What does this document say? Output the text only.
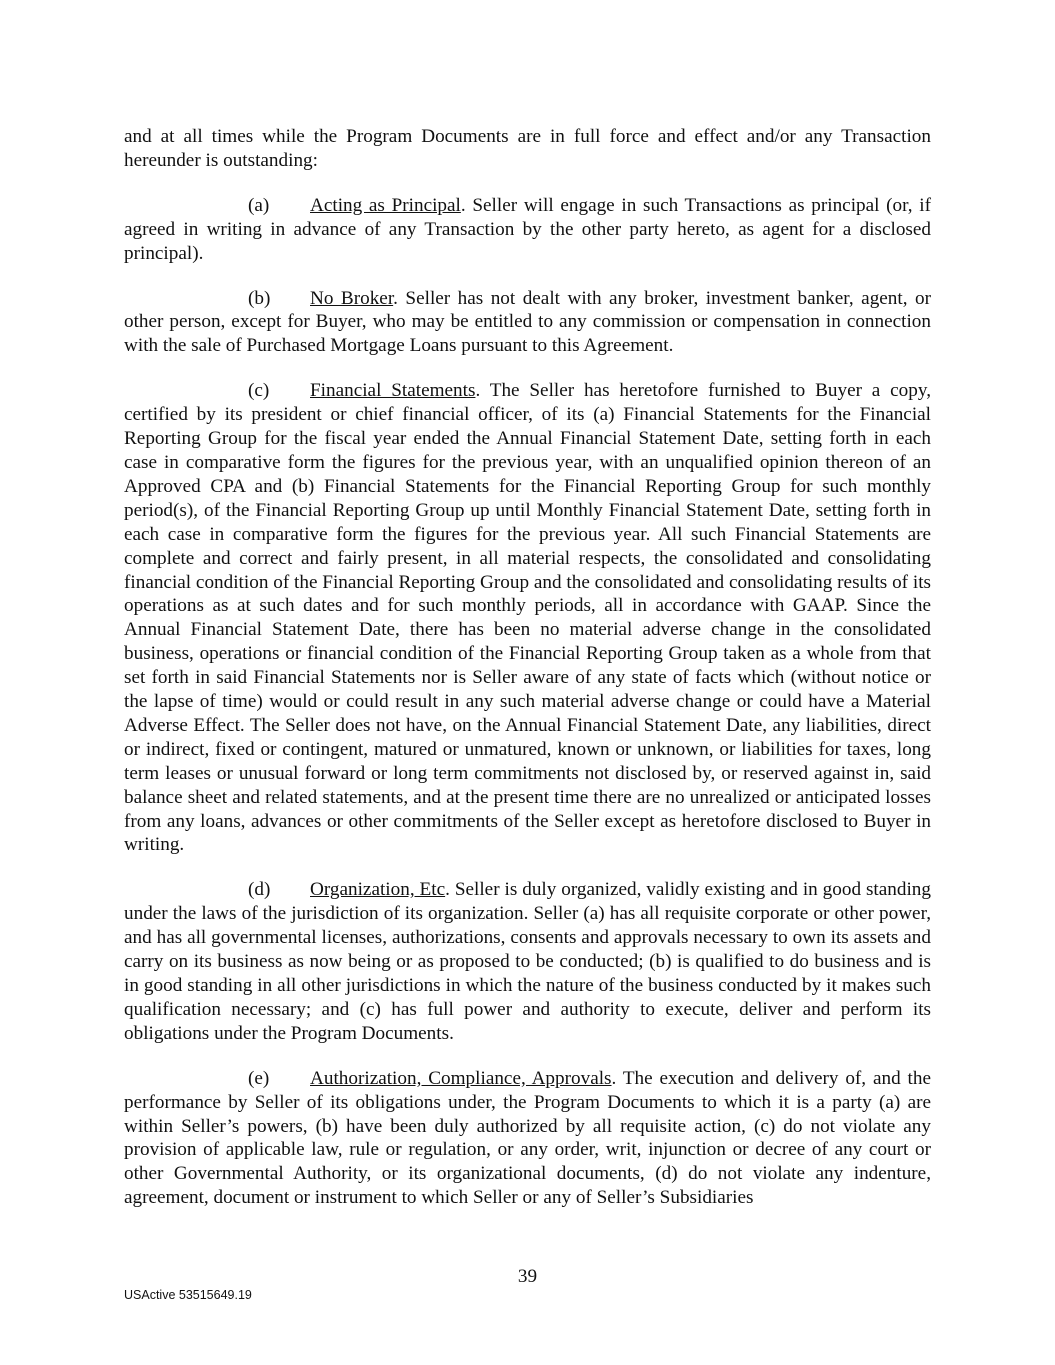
and at all times while the Program Documents are in full force and effect and/or any Transaction hereunder is outstanding:

(a) Acting as Principal. Seller will engage in such Transactions as principal (or, if agreed in writing in advance of any Transaction by the other party hereto, as agent for a disclosed principal).

(b) No Broker. Seller has not dealt with any broker, investment banker, agent, or other person, except for Buyer, who may be entitled to any commission or compensation in connection with the sale of Purchased Mortgage Loans pursuant to this Agreement.

(c) Financial Statements. The Seller has heretofore furnished to Buyer a copy, certified by its president or chief financial officer, of its (a) Financial Statements for the Financial Reporting Group for the fiscal year ended the Annual Financial Statement Date, setting forth in each case in comparative form the figures for the previous year, with an unqualified opinion thereon of an Approved CPA and (b) Financial Statements for the Financial Reporting Group for such monthly period(s), of the Financial Reporting Group up until Monthly Financial Statement Date, setting forth in each case in comparative form the figures for the previous year. All such Financial Statements are complete and correct and fairly present, in all material respects, the consolidated and consolidating financial condition of the Financial Reporting Group and the consolidated and consolidating results of its operations as at such dates and for such monthly periods, all in accordance with GAAP. Since the Annual Financial Statement Date, there has been no material adverse change in the consolidated business, operations or financial condition of the Financial Reporting Group taken as a whole from that set forth in said Financial Statements nor is Seller aware of any state of facts which (without notice or the lapse of time) would or could result in any such material adverse change or could have a Material Adverse Effect. The Seller does not have, on the Annual Financial Statement Date, any liabilities, direct or indirect, fixed or contingent, matured or unmatured, known or unknown, or liabilities for taxes, long term leases or unusual forward or long term commitments not disclosed by, or reserved against in, said balance sheet and related statements, and at the present time there are no unrealized or anticipated losses from any loans, advances or other commitments of the Seller except as heretofore disclosed to Buyer in writing.

(d) Organization, Etc. Seller is duly organized, validly existing and in good standing under the laws of the jurisdiction of its organization. Seller (a) has all requisite corporate or other power, and has all governmental licenses, authorizations, consents and approvals necessary to own its assets and carry on its business as now being or as proposed to be conducted; (b) is qualified to do business and is in good standing in all other jurisdictions in which the nature of the business conducted by it makes such qualification necessary; and (c) has full power and authority to execute, deliver and perform its obligations under the Program Documents.

(e) Authorization, Compliance, Approvals. The execution and delivery of, and the performance by Seller of its obligations under, the Program Documents to which it is a party (a) are within Seller’s powers, (b) have been duly authorized by all requisite action, (c) do not violate any provision of applicable law, rule or regulation, or any order, writ, injunction or decree of any court or other Governmental Authority, or its organizational documents, (d) do not violate any indenture, agreement, document or instrument to which Seller or any of Seller’s Subsidiaries

39
USActive 53515649.19
